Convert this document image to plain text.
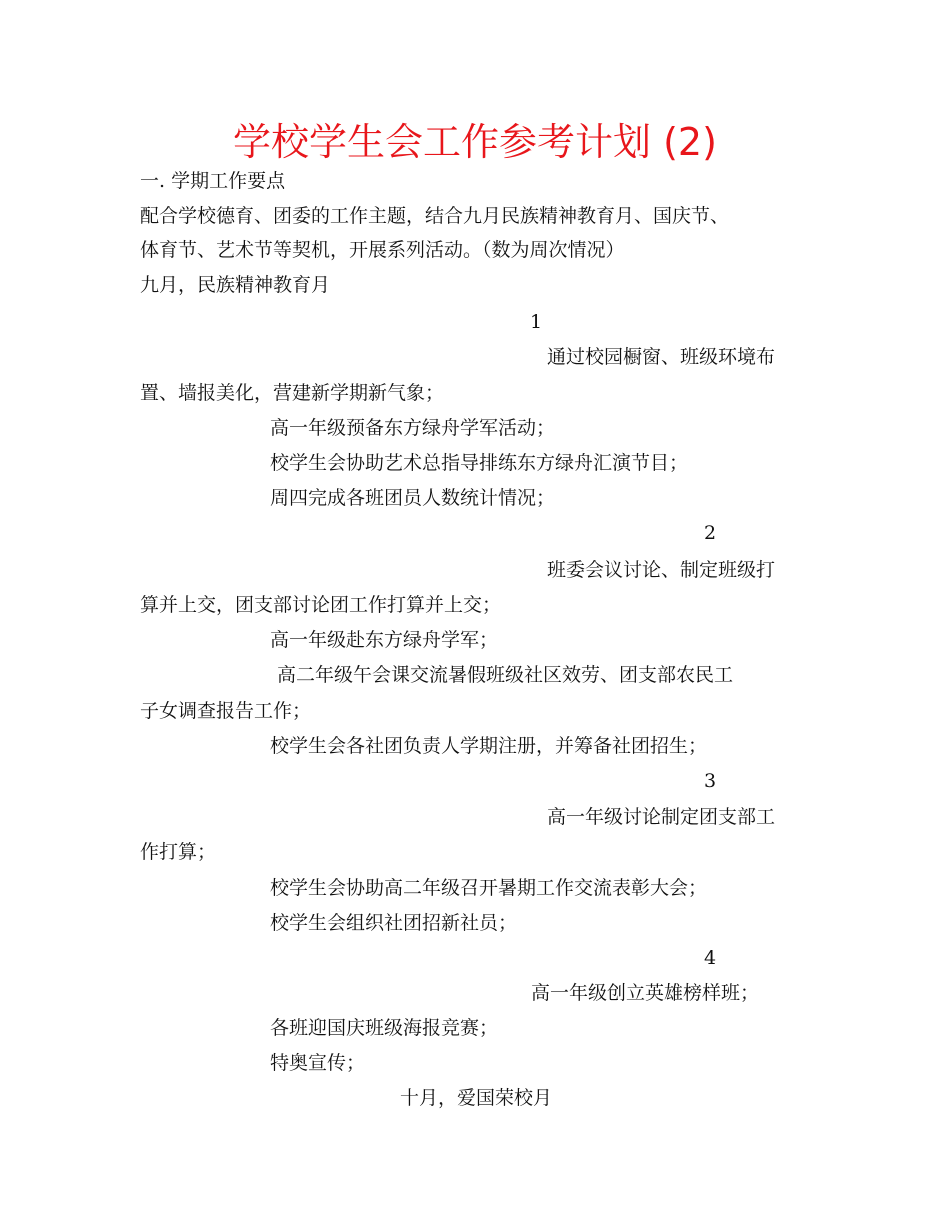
学校学生会工作参考计划 (2)
一. 学期工作要点
配合学校德育、团委的工作主题，结合九月民族精神教育月、国庆节、
体育节、艺术节等契机，开展系列活动。（数为周次情况）
九月，民族精神教育月
1
通过校园橱窗、班级环境布
置、墙报美化，营建新学期新气象；
高一年级预备东方绿舟学军活动；
校学生会协助艺术总指导排练东方绿舟汇演节目；
周四完成各班团员人数统计情况；
2
班委会议讨论、制定班级打
算并上交，团支部讨论团工作打算并上交；
高一年级赴东方绿舟学军；
高二年级午会课交流暑假班级社区效劳、团支部农民工
子女调查报告工作；
校学生会各社团负责人学期注册，并筹备社团招生；
3
高一年级讨论制定团支部工
作打算；
校学生会协助高二年级召开暑期工作交流表彰大会；
校学生会组织社团招新社员；
4
高一年级创立英雄榜样班；
各班迎国庆班级海报竞赛；
特奥宣传；
十月，爱国荣校月
